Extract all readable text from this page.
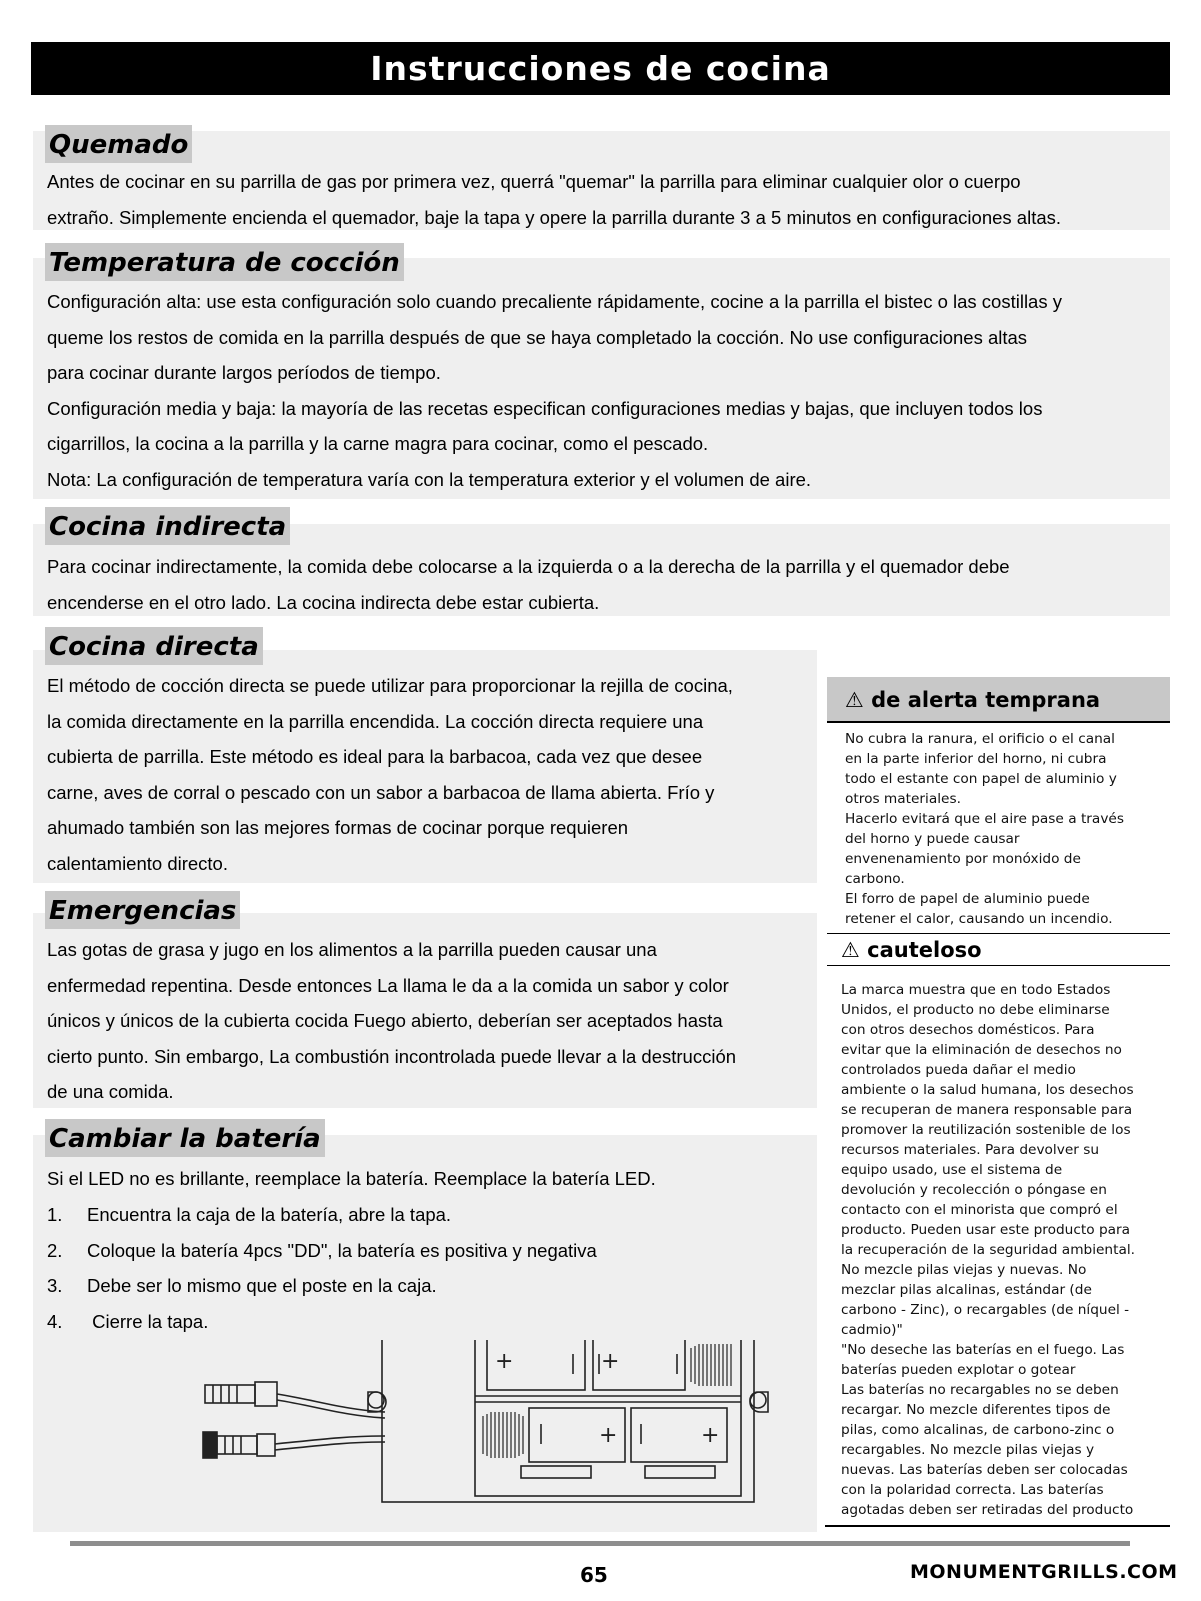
Instrucciones de cocina
Quemado

Antes de cocinar en su parrilla de gas por primera vez, querrá "quemar" la parrilla para eliminar cualquier olor o cuerpo

extraño. Simplemente encienda el quemador, baje la tapa y opere la parrilla durante 3 a 5 minutos en configuraciones altas.

Temperatura de cocción

Configuración alta: use esta configuración solo cuando precaliente rápidamente, cocine a la parrilla el bistec o las costillas y

queme los restos de comida en la parrilla después de que se haya completado la cocción. No use configuraciones altas

para cocinar durante largos períodos de tiempo.

Configuración media y baja: la mayoría de las recetas especifican configuraciones medias y bajas, que incluyen todos los

cigarrillos, la cocina a la parrilla y la carne magra para cocinar, como el pescado.

Nota: La configuración de temperatura varía con la temperatura exterior y el volumen de aire.

Cocina indirecta

Para cocinar indirectamente, la comida debe colocarse a la izquierda o a la derecha de la parrilla y el quemador debe

encenderse en el otro lado. La cocina indirecta debe estar cubierta.

Cocina directa

El método de cocción directa se puede utilizar para proporcionar la rejilla de cocina,

la comida directamente en la parrilla encendida. La cocción directa requiere una

cubierta de parrilla. Este método es ideal para la barbacoa, cada vez que desee

carne, aves de corral o pescado con un sabor a barbacoa de llama abierta. Frío y

ahumado también son las mejores formas de cocinar porque requieren

calentamiento directo.

Emergencias

Las gotas de grasa y jugo en los alimentos a la parrilla pueden causar una

enfermedad repentina. Desde entonces La llama le da a la comida un sabor y color

únicos y únicos de la cubierta cocida Fuego abierto, deberían ser aceptados hasta

cierto punto. Sin embargo, La combustión incontrolada puede llevar a la destrucción

de una comida.

Cambiar la batería

Si el LED no es brillante, reemplace la batería. Reemplace la batería LED.

1. Encuentra la caja de la batería, abre la tapa.
2. Coloque la batería 4pcs "DD", la batería es positiva y negativa
3. Debe ser lo mismo que el poste en la caja.
4. Cierre la tapa.
+	+
+	+
⚠ de alerta temprana

No cubra la ranura, el orificio o el canal

en la parte inferior del horno, ni cubra

todo el estante con papel de aluminio y

otros materiales.

Hacerlo evitará que el aire pase a través

del horno y puede causar

envenenamiento por monóxido de

carbono.

El forro de papel de aluminio puede

retener el calor, causando un incendio.

⚠ cauteloso

La marca muestra que en todo Estados

Unidos, el producto no debe eliminarse

con otros desechos domésticos. Para

evitar que la eliminación de desechos no

controlados pueda dañar el medio

ambiente o la salud humana, los desechos

se recuperan de manera responsable para

promover la reutilización sostenible de los

recursos materiales. Para devolver su

equipo usado, use el sistema de

devolución y recolección o póngase en

contacto con el minorista que compró el

producto. Pueden usar este producto para

la recuperación de la seguridad ambiental.

No mezcle pilas viejas y nuevas. No

mezclar pilas alcalinas, estándar (de

carbono - Zinc), o recargables (de níquel -

cadmio)"

"No deseche las baterías en el fuego. Las

baterías pueden explotar o gotear

Las baterías no recargables no se deben

recargar. No mezcle diferentes tipos de

pilas, como alcalinas, de carbono-zinc o

recargables. No mezcle pilas viejas y

nuevas. Las baterías deben ser colocadas

con la polaridad correcta. Las baterías

agotadas deben ser retiradas del producto

65	MONUMENTGRILLS.COM
